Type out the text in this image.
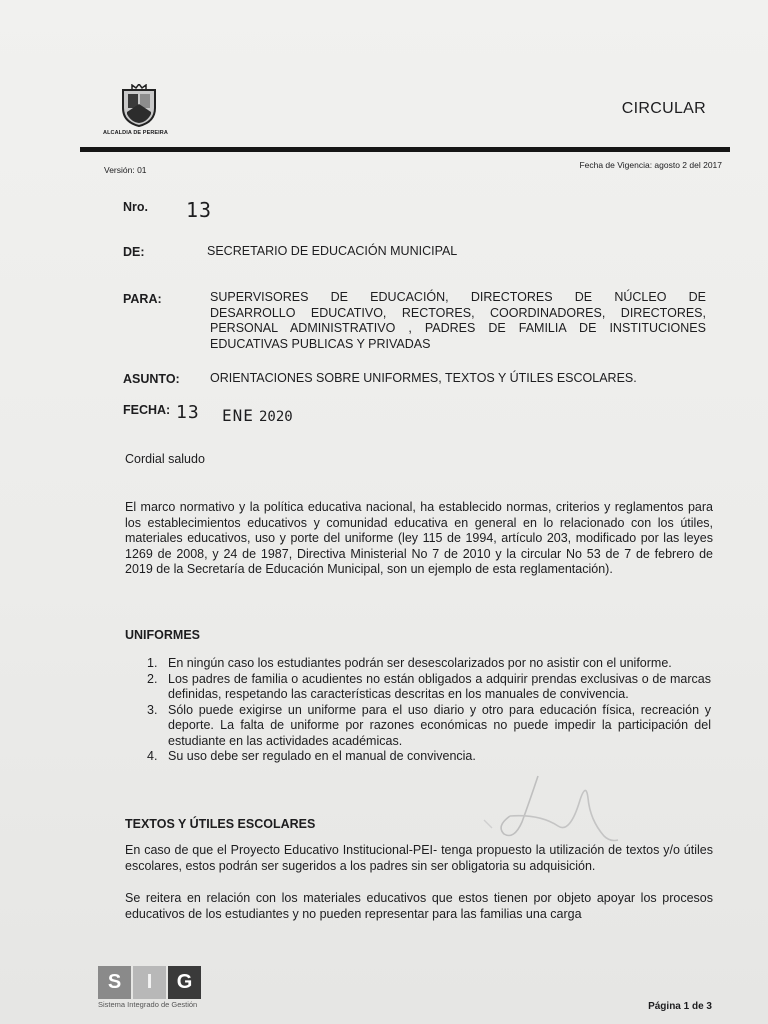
ALCALDIA DE PEREIRA
CIRCULAR
Versión: 01	Fecha de Vigencia: agosto 2 del 2017
Nro. 13
DE:	SECRETARIO DE EDUCACIÓN MUNICIPAL
PARA:	SUPERVISORES DE EDUCACIÓN, DIRECTORES DE NÚCLEO DE
DESARROLLO EDUCATIVO, RECTORES, COORDINADORES, DIRECTORES,
PERSONAL ADMINISTRATIVO , PADRES DE FAMILIA DE INSTITUCIONES
EDUCATIVAS PUBLICAS Y PRIVADAS
ASUNTO: ORIENTACIONES SOBRE UNIFORMES, TEXTOS Y ÚTILES ESCOLARES.
FECHA: 13 ENE 2020
Cordial saludo
El marco normativo y la política educativa nacional, ha establecido normas, criterios y reglamentos para los establecimientos educativos y comunidad educativa en general en lo relacionado con los útiles, materiales educativos, uso y porte del uniforme (ley 115 de 1994, artículo 203, modificado por las leyes 1269 de 2008, y 24 de 1987, Directiva Ministerial No 7 de 2010 y la circular No 53 de 7 de febrero de 2019 de la Secretaría de Educación Municipal, son un ejemplo de esta reglamentación).
UNIFORMES
1. En ningún caso los estudiantes podrán ser desescolarizados por no asistir con el uniforme.
2. Los padres de familia o acudientes no están obligados a adquirir prendas exclusivas o de marcas definidas, respetando las características descritas en los manuales de convivencia.
3. Sólo puede exigirse un uniforme para el uso diario y otro para educación física, recreación y deporte. La falta de uniforme por razones económicas no puede impedir la participación del estudiante en las actividades académicas.
4. Su uso debe ser regulado en el manual de convivencia.
TEXTOS Y ÚTILES ESCOLARES
En caso de que el Proyecto Educativo Institucional-PEI- tenga propuesto la utilización de textos y/o útiles escolares, estos podrán ser sugeridos a los padres sin ser obligatoria su adquisición.
Se reitera en relación con los materiales educativos que estos tienen por objeto apoyar los procesos educativos de los estudiantes y no pueden representar para las familias una carga
S	I	G
Sistema Integrado de Gestión	Página 1 de 3
